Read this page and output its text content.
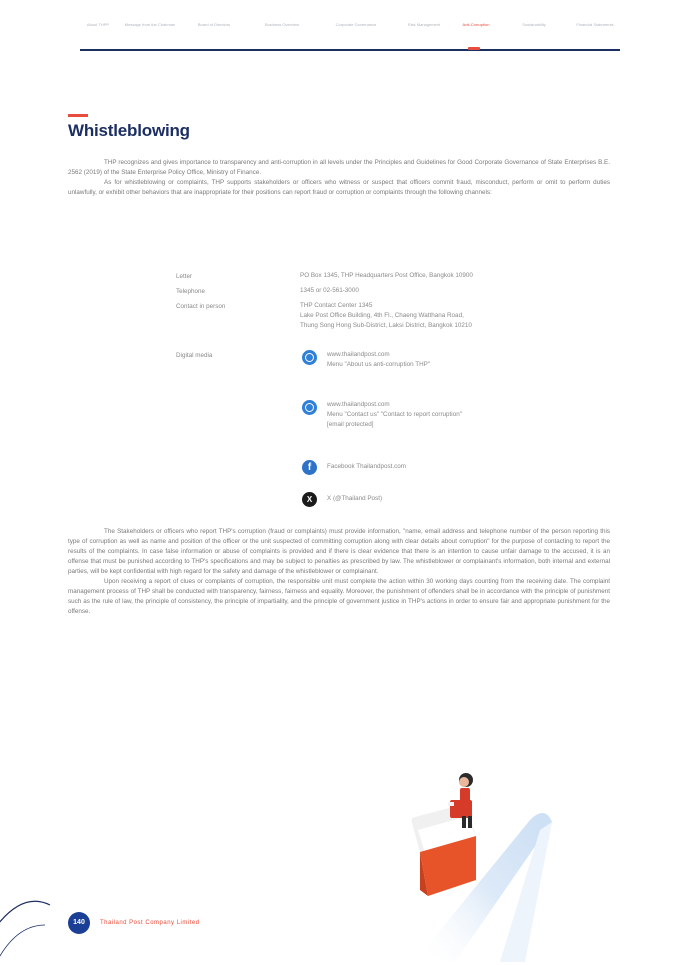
About THPP	Message from the Chairman	Board of Directors	Business Overview	Corporate Governance	Risk Management	Anti-Corruption	Sustainability	Financial Statements
Whistleblowing

THP recognizes and gives importance to transparency and anti-corruption in all levels under the Principles and Guidelines for Good Corporate Governance of State Enterprises B.E. 2562 (2019) of the State Enterprise Policy Office, Ministry of Finance.

As for whistleblowing or complaints, THP supports stakeholders or officers who witness or suspect that officers commit fraud, misconduct, perform or omit to perform duties unlawfully, or exhibit other behaviors that are inappropriate for their positions can report fraud or corruption or complaints through the following channels:

Letter	PO Box 1345, THP Headquarters Post Office, Bangkok 10900
Telephone	1345 or 02-561-3000
Contact in person	THP Contact Center 1345
Lake Post Office Building, 4th Fl., Chaeng Watthana Road,
Thung Song Hong Sub-District, Laksi District, Bangkok 10210
Digital media	www.thailandpost.com
Menu "About us anti-corruption THP"
www.thailandpost.com
Menu "Contact us" "Contact to report corruption"
[email protected]
f	Facebook Thailandpost.com
X	X (@Thailand Post)

The Stakeholders or officers who report THP's corruption (fraud or complaints) must provide information, "name, email address and telephone number of the person reporting this type of corruption as well as name and position of the officer or the unit suspected of committing corruption along with clear details about corruption" for the purpose of contacting to report the results of the complaints. In case false information or abuse of complaints is provided and if there is clear evidence that there is an intention to cause unfair damage to the accused, it is an offense that must be punished according to THP's specifications and may be subject to penalties as prescribed by law. The whistleblower or complainant's information, both internal and external parties, will be kept confidential with high regard for the safety and damage of the whistleblower or complainant.

Upon receiving a report of clues or complaints of corruption, the responsible unit must complete the action within 30 working days counting from the receiving date. The complaint management process of THP shall be conducted with transparency, fairness, fairness and equality. Moreover, the punishment of offenders shall be in accordance with the principle of punishment such as the rule of law, the principle of consistency, the principle of impartiality, and the principle of government justice in THP's actions in order to ensure fair and appropriate punishment for the offense.

140	Thailand Post Company Limited
